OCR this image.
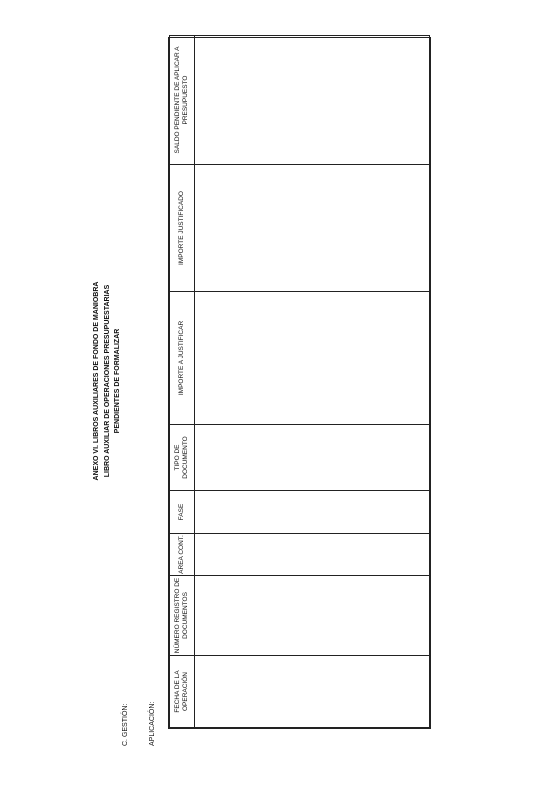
ANEXO VI. LIBROS AUXILIARES DE FONDO DE MANIOBRA LIBRO AUXILIAR DE OPERACIONES PRESUPUESTARIAS PENDIENTES DE FORMALIZAR
C. GESTIÓN:	APLICACIÓN:
FECHA DE LA OPERACIÓN	NÚMERO REGISTRO DE DOCUMENTOS	AREA CONT.	FASE	TIPO DE DOCUMENTO	IMPORTE A JUSTIFICAR	IMPORTE JUSTIFICADO	SALDO PENDIENTE DE APLICAR A PRESUPUESTO
